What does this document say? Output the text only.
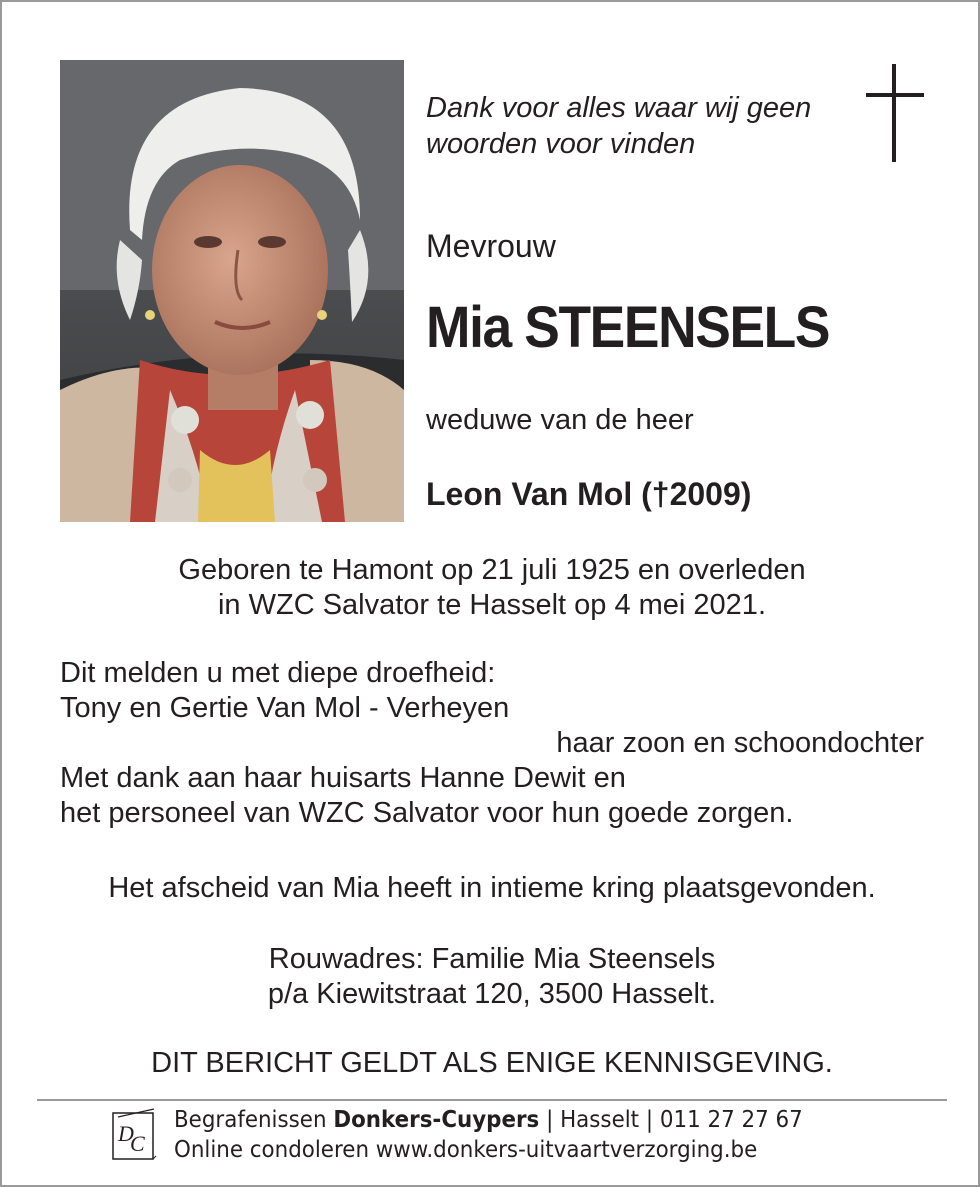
Dank voor alles waar wij geen
woorden voor vinden
Mevrouw
Mia STEENSELS
weduwe van de heer
Leon Van Mol (†2009)
Geboren te Hamont op 21 juli 1925 en overleden
in WZC Salvator te Hasselt op 4 mei 2021.
Dit melden u met diepe droefheid:
Tony en Gertie Van Mol - Verheyen
haar zoon en schoondochter
Met dank aan haar huisarts Hanne Dewit en
het personeel van WZC Salvator voor hun goede zorgen.
Het afscheid van Mia heeft in intieme kring plaatsgevonden.
Rouwadres: Familie Mia Steensels
p/a Kiewitstraat 120, 3500 Hasselt.
DIT BERICHT GELDT ALS ENIGE KENNISGEVING.
D
C
Begrafenissen Donkers-Cuypers | Hasselt | 011 27 27 67
Online condoleren www.donkers-uitvaartverzorging.be
